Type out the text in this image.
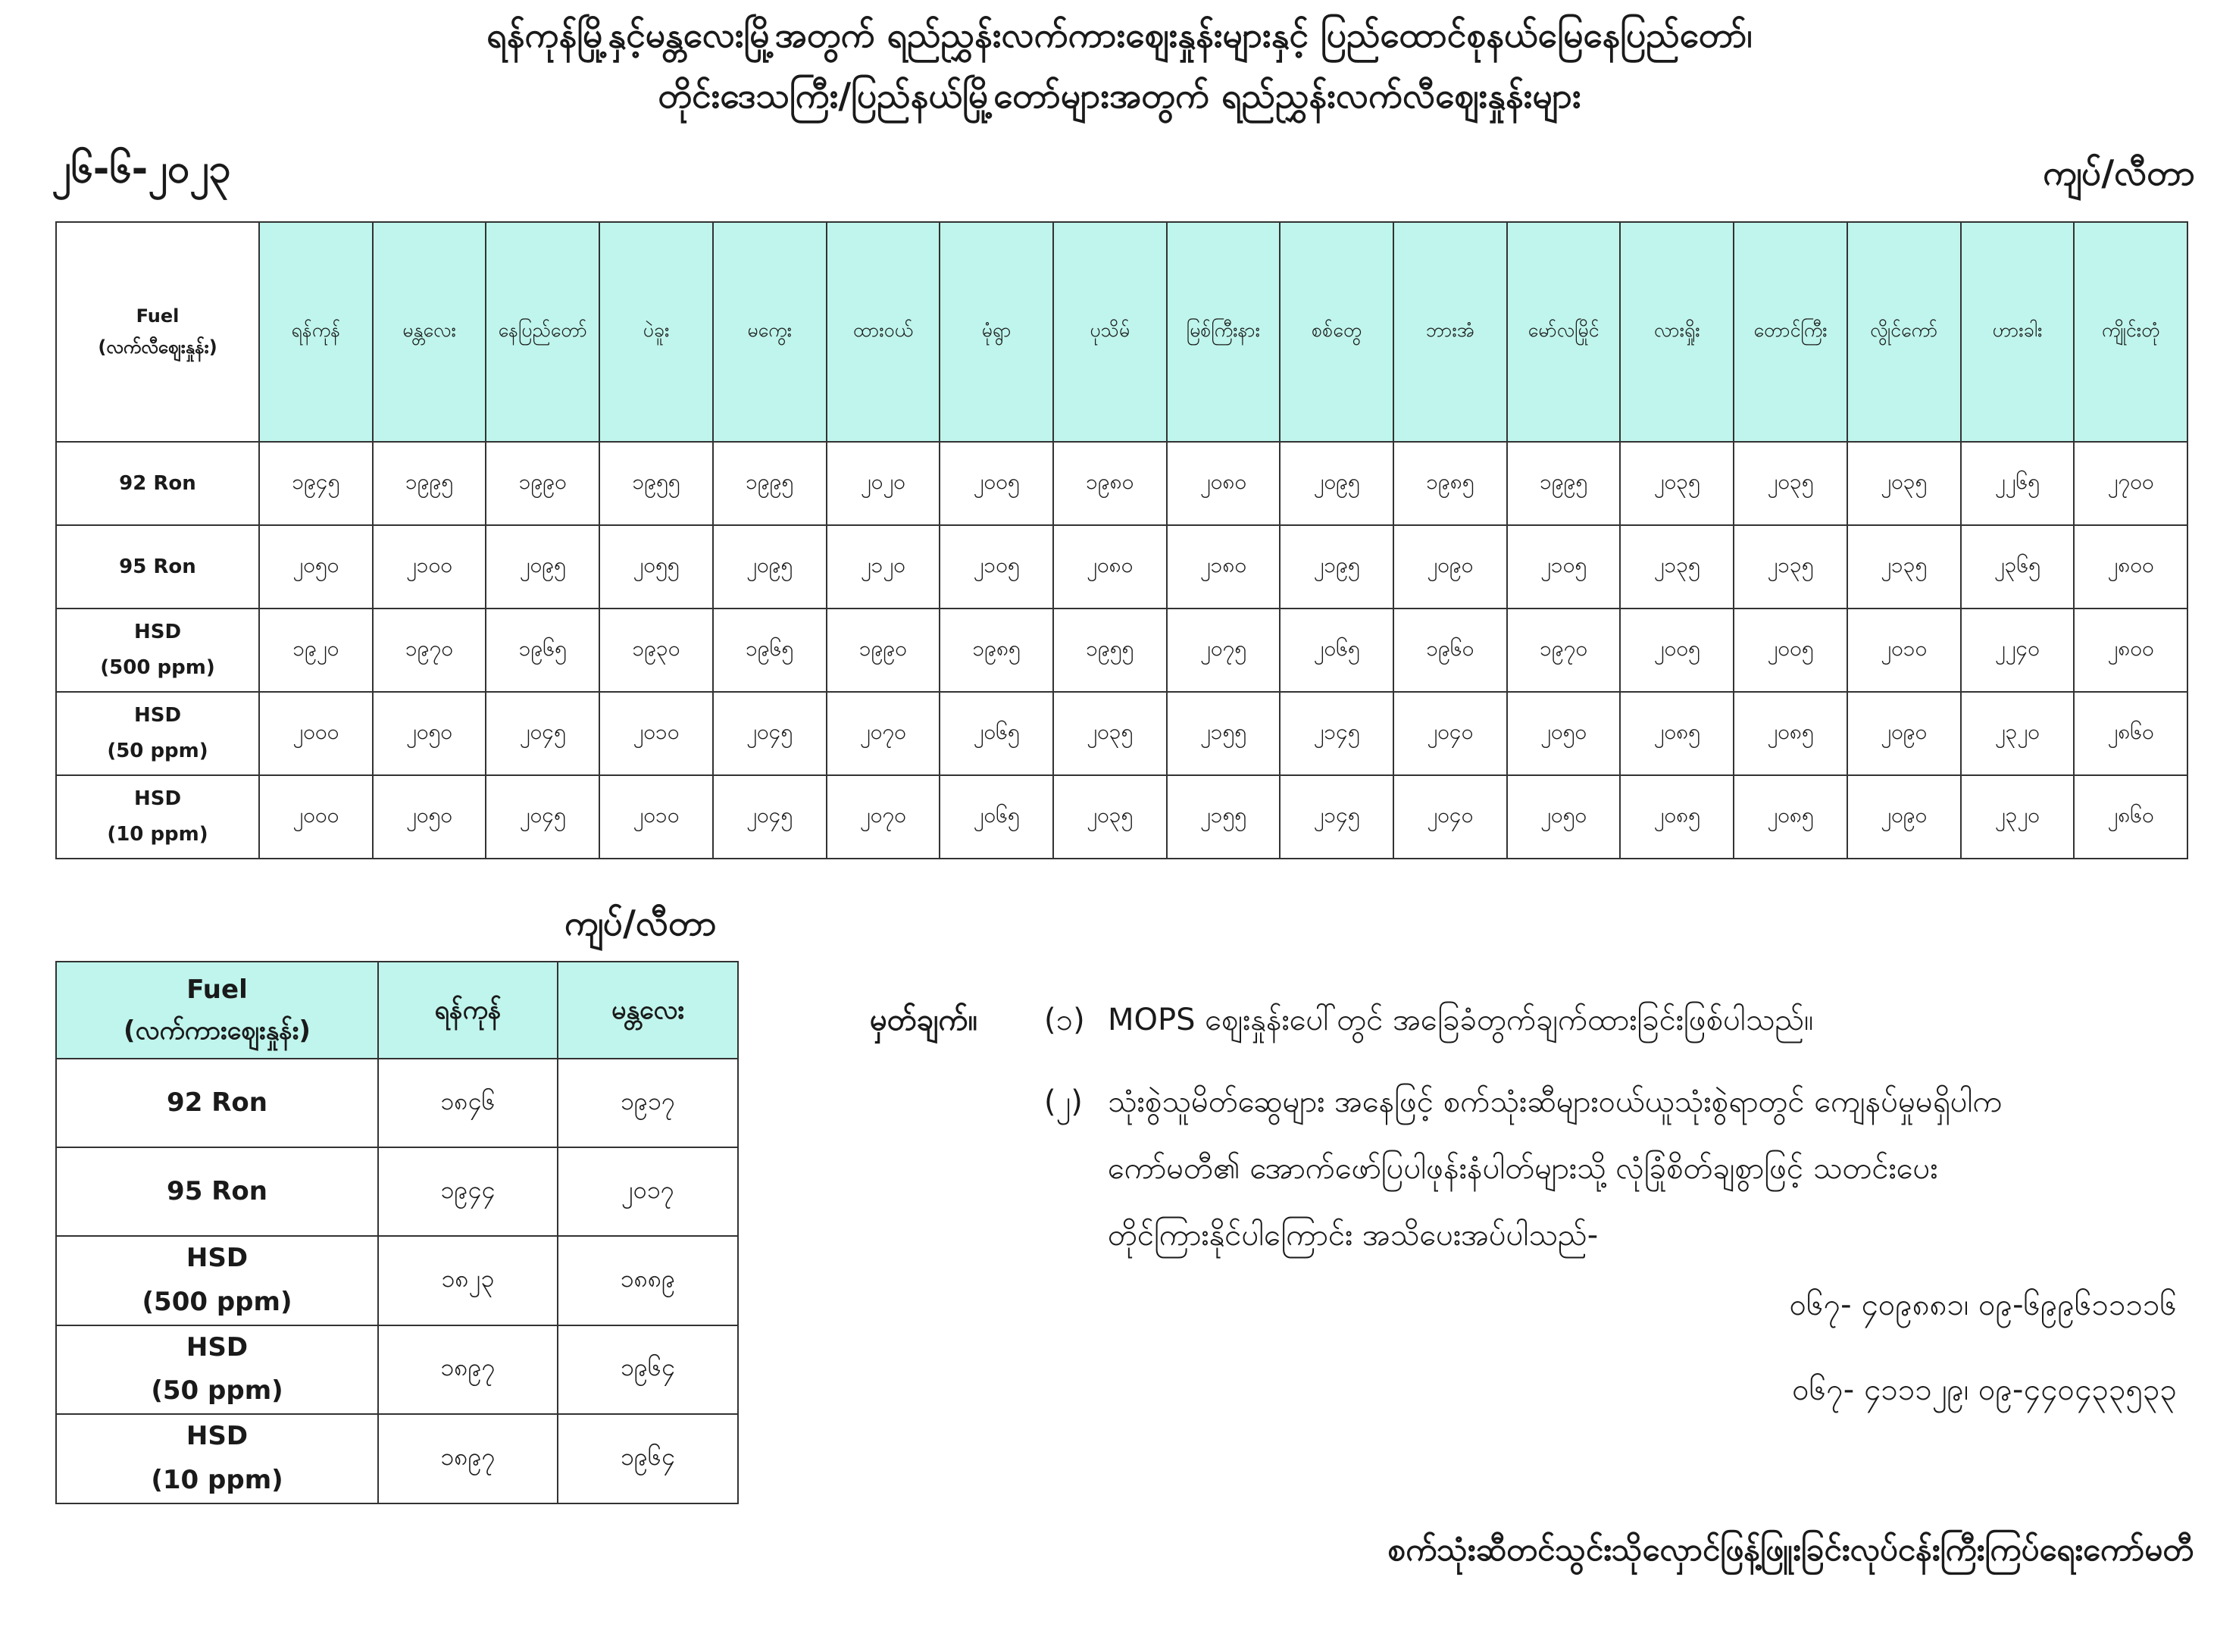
ရန်ကုန်မြို့နှင့်မန္တလေးမြို့အတွက် ရည်ညွှန်းလက်ကားဈေးနှုန်းများနှင့် ပြည်ထောင်စုနယ်မြေနေပြည်တော်၊
တိုင်းဒေသကြီး/ပြည်နယ်မြို့တော်များအတွက် ရည်ညွှန်းလက်လီဈေးနှုန်းများ
၂၆-၆-၂၀၂၃	ကျပ်/လီတာ
Fuel
(လက်လီဈေးနှုန်း)	ရန်ကုန်	မန္တလေး	နေပြည်တော်	ပဲခူး	မကွေး	ထားဝယ်	မုံရွာ	ပုသိမ်	မြစ်ကြီးနား	စစ်တွေ	ဘားအံ	မော်လမြိုင်	လားရှိုး	တောင်ကြီး	လွိုင်ကော်	ဟားခါး	ကျိုင်းတုံ

92 Ron	၁၉၄၅	၁၉၉၅	၁၉၉၀	၁၉၅၅	၁၉၉၅	၂၀၂၀	၂၀၀၅	၁၉၈၀	၂၀၈၀	၂၀၉၅	၁၉၈၅	၁၉၉၅	၂၀၃၅	၂၀၃၅	၂၀၃၅	၂၂၆၅	၂၇၀၀

95 Ron	၂၀၅၀	၂၁၀၀	၂၀၉၅	၂၀၅၅	၂၀၉၅	၂၁၂၀	၂၁၀၅	၂၀၈၀	၂၁၈၀	၂၁၉၅	၂၀၉၀	၂၁၀၅	၂၁၃၅	၂၁၃၅	၂၁၃၅	၂၃၆၅	၂၈၀၀

HSD
(500 ppm)	၁၉၂၀	၁၉၇၀	၁၉၆၅	၁၉၃၀	၁၉၆၅	၁၉၉၀	၁၉၈၅	၁၉၅၅	၂၀၇၅	၂၀၆၅	၁၉၆၀	၁၉၇၀	၂၀၀၅	၂၀၀၅	၂၀၁၀	၂၂၄၀	၂၈၀၀

HSD
(50 ppm)	၂၀၀၀	၂၀၅၀	၂၀၄၅	၂၀၁၀	၂၀၄၅	၂၀၇၀	၂၀၆၅	၂၀၃၅	၂၁၅၅	၂၁၄၅	၂၀၄၀	၂၀၅၀	၂၀၈၅	၂၀၈၅	၂၀၉၀	၂၃၂၀	၂၈၆၀

HSD
(10 ppm)	၂၀၀၀	၂၀၅၀	၂၀၄၅	၂၀၁၀	၂၀၄၅	၂၀၇၀	၂၀၆၅	၂၀၃၅	၂၁၅၅	၂၁၄၅	၂၀၄၀	၂၀၅၀	၂၀၈၅	၂၀၈၅	၂၀၉၀	၂၃၂၀	၂၈၆၀
ကျပ်/လီတာ
Fuel
(လက်ကားဈေးနှုန်း)	ရန်ကုန်	မန္တလေး

92 Ron	၁၈၄၆	၁၉၁၇

95 Ron	၁၉၄၄	၂၀၁၇

HSD
(500 ppm)	၁၈၂၃	၁၈၈၉

HSD
(50 ppm)	၁၈၉၇	၁၉၆၄

HSD
(10 ppm)	၁၈၉၇	၁၉၆၄
မှတ်ချက်။ (၁) MOPS ဈေးနှုန်းပေါ်တွင် အခြေခံတွက်ချက်ထားခြင်းဖြစ်ပါသည်။
(၂) သုံးစွဲသူမိတ်ဆွေများ အနေဖြင့် စက်သုံးဆီများဝယ်ယူသုံးစွဲရာတွင် ကျေနပ်မှုမရှိပါက
ကော်မတီ၏ အောက်ဖော်ပြပါဖုန်းနံပါတ်များသို့ လုံခြုံစိတ်ချစွာဖြင့် သတင်းပေး
တိုင်ကြားနိုင်ပါကြောင်း အသိပေးအပ်ပါသည်-
၀၆၇- ၄၀၉၈၈၁၊ ၀၉-၆၉၉၆၁၁၁၁၆
၀၆၇- ၄၁၁၁၂၉၊ ၀၉-၄၄၀၄၃၃၅၃၃
စက်သုံးဆီတင်သွင်းသိုလှောင်ဖြန့်ဖြူးခြင်းလုပ်ငန်းကြီးကြပ်ရေးကော်မတီ
